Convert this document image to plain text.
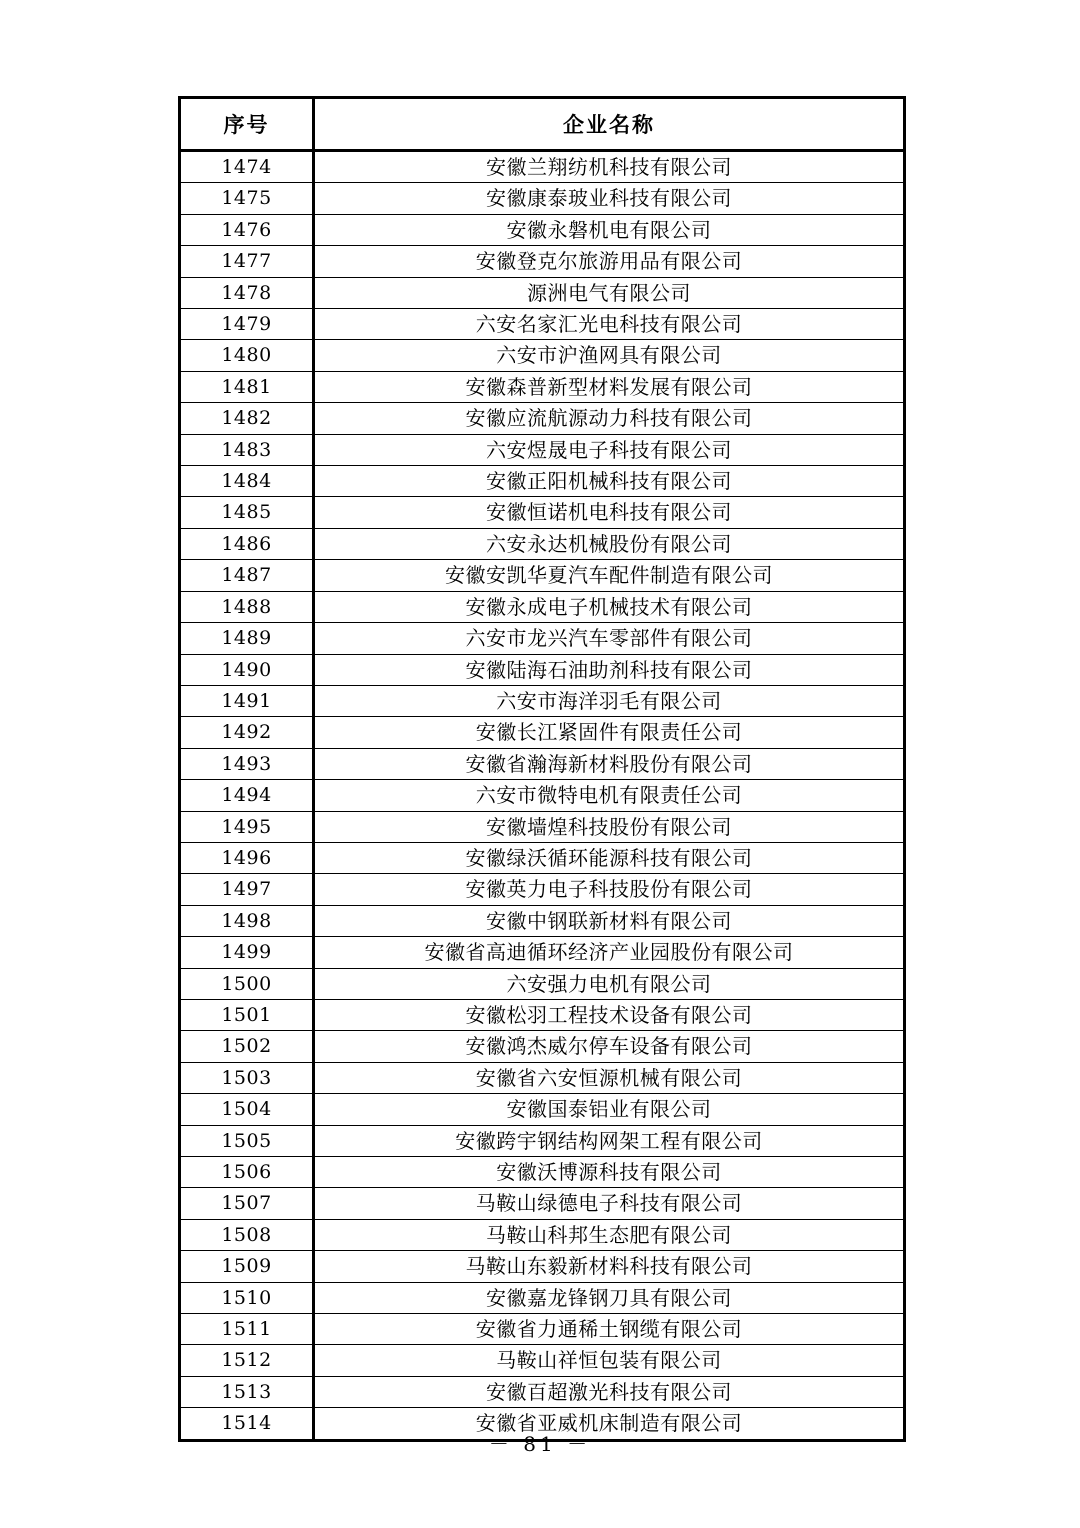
序号	企业名称
1474	安徽兰翔纺机科技有限公司
1475	安徽康泰玻业科技有限公司
1476	安徽永磐机电有限公司
1477	安徽登克尔旅游用品有限公司
1478	源洲电气有限公司
1479	六安名家汇光电科技有限公司
1480	六安市沪渔网具有限公司
1481	安徽森普新型材料发展有限公司
1482	安徽应流航源动力科技有限公司
1483	六安煜晟电子科技有限公司
1484	安徽正阳机械科技有限公司
1485	安徽恒诺机电科技有限公司
1486	六安永达机械股份有限公司
1487	安徽安凯华夏汽车配件制造有限公司
1488	安徽永成电子机械技术有限公司
1489	六安市龙兴汽车零部件有限公司
1490	安徽陆海石油助剂科技有限公司
1491	六安市海洋羽毛有限公司
1492	安徽长江紧固件有限责任公司
1493	安徽省瀚海新材料股份有限公司
1494	六安市微特电机有限责任公司
1495	安徽墙煌科技股份有限公司
1496	安徽绿沃循环能源科技有限公司
1497	安徽英力电子科技股份有限公司
1498	安徽中钢联新材料有限公司
1499	安徽省高迪循环经济产业园股份有限公司
1500	六安强力电机有限公司
1501	安徽松羽工程技术设备有限公司
1502	安徽鸿杰威尔停车设备有限公司
1503	安徽省六安恒源机械有限公司
1504	安徽国泰铝业有限公司
1505	安徽跨宇钢结构网架工程有限公司
1506	安徽沃博源科技有限公司
1507	马鞍山绿德电子科技有限公司
1508	马鞍山科邦生态肥有限公司
1509	马鞍山东毅新材料科技有限公司
1510	安徽嘉龙锋钢刀具有限公司
1511	安徽省力通稀土钢缆有限公司
1512	马鞍山祥恒包装有限公司
1513	安徽百超激光科技有限公司
1514	安徽省亚威机床制造有限公司
－ 81 －
